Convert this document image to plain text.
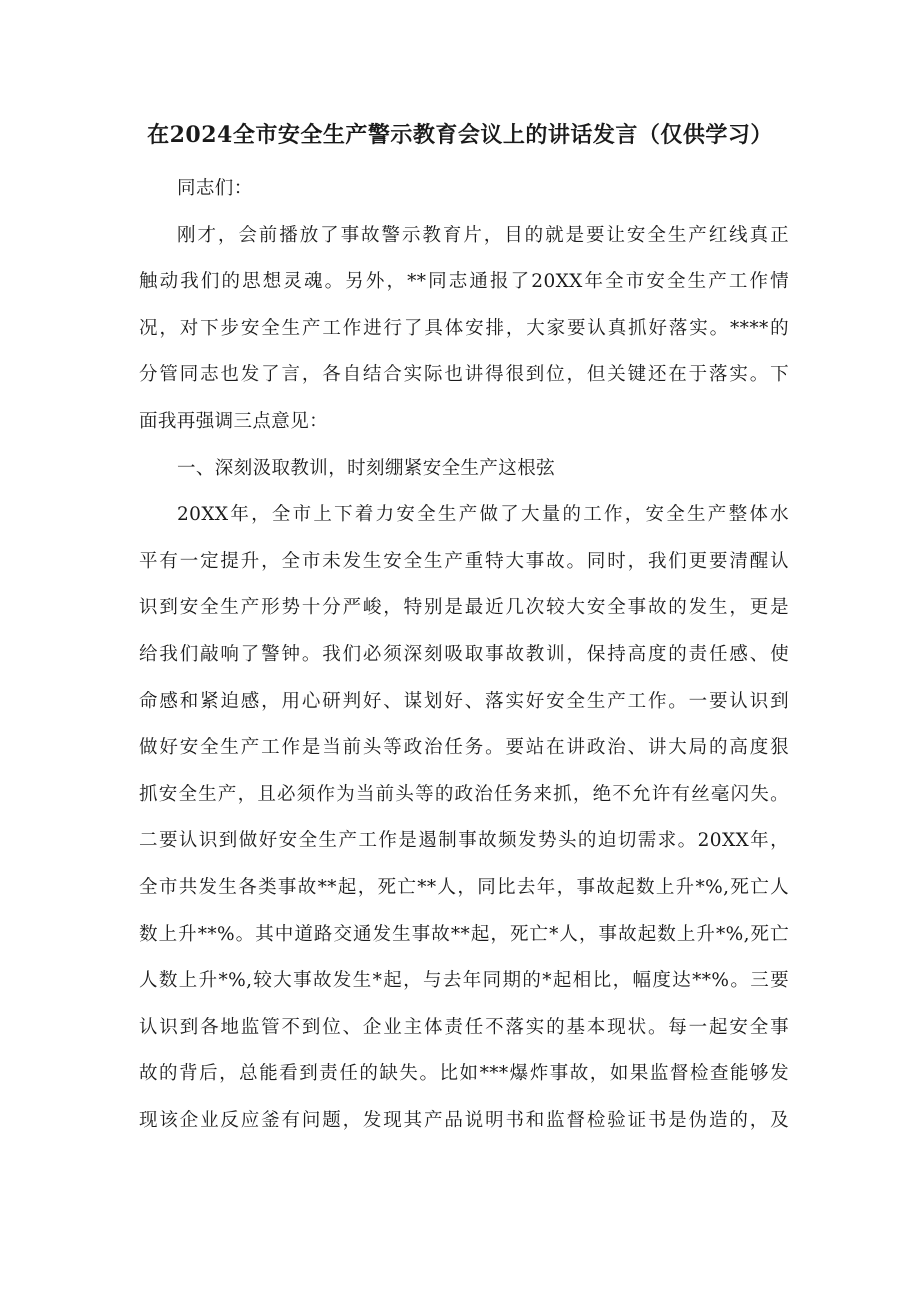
在2024全市安全生产警示教育会议上的讲话发言（仅供学习）
同志们：
刚才，会前播放了事故警示教育片，目的就是要让安全生产红线真正
触动我们的思想灵魂。另外，**同志通报了20XX年全市安全生产工作情
况，对下步安全生产工作进行了具体安排，大家要认真抓好落实。****的
分管同志也发了言，各自结合实际也讲得很到位，但关键还在于落实。下
面我再强调三点意见：
一、深刻汲取教训，时刻绷紧安全生产这根弦
20XX年，全市上下着力安全生产做了大量的工作，安全生产整体水
平有一定提升，全市未发生安全生产重特大事故。同时，我们更要清醒认
识到安全生产形势十分严峻，特别是最近几次较大安全事故的发生，更是
给我们敲响了警钟。我们必须深刻吸取事故教训，保持高度的责任感、使
命感和紧迫感，用心研判好、谋划好、落实好安全生产工作。一要认识到
做好安全生产工作是当前头等政治任务。要站在讲政治、讲大局的高度狠
抓安全生产，且必须作为当前头等的政治任务来抓，绝不允许有丝毫闪失。
二要认识到做好安全生产工作是遏制事故频发势头的迫切需求。20XX年，
全市共发生各类事故**起，死亡**人，同比去年，事故起数上升*%,死亡人
数上升**%。其中道路交通发生事故**起，死亡*人，事故起数上升*%,死亡
人数上升*%,较大事故发生*起，与去年同期的*起相比，幅度达**%。三要
认识到各地监管不到位、企业主体责任不落实的基本现状。每一起安全事
故的背后，总能看到责任的缺失。比如***爆炸事故，如果监督检查能够发
现该企业反应釜有问题，发现其产品说明书和监督检验证书是伪造的，及
